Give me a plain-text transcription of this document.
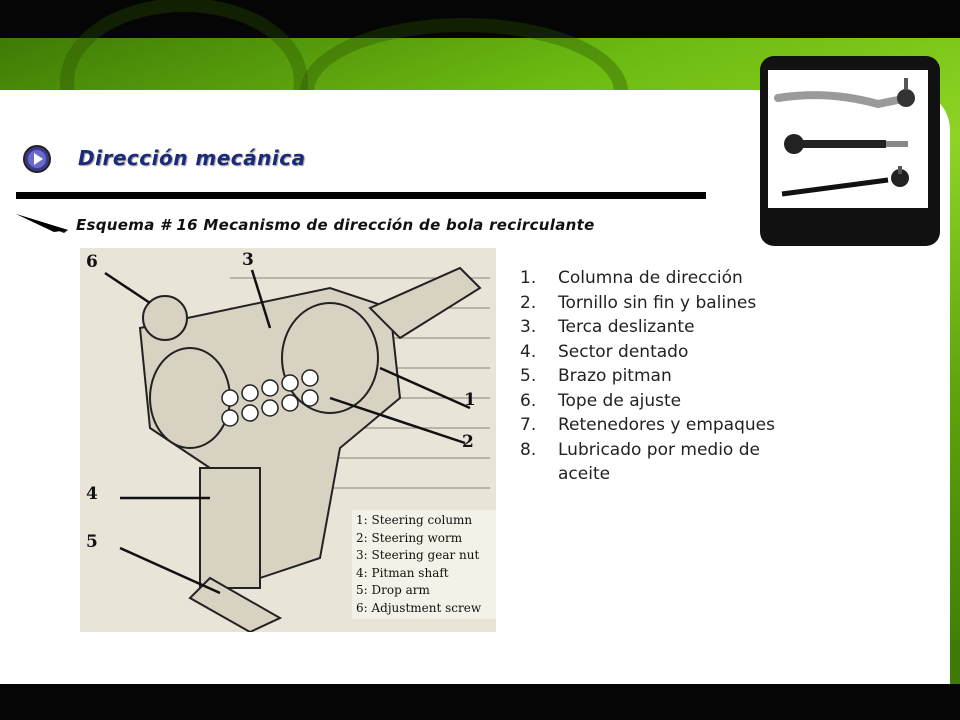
Dirección mecánica
Esquema # 16 Mecanismo de dirección de bola recirculante
6	3
1
2
4
5
1: Steering column
2: Steering worm
3: Steering gear nut
4: Pitman shaft
5: Drop arm
6: Adjustment screw
1.	Columna de dirección
2.	Tornillo sin fin y balines
3.	Terca deslizante
4.	Sector dentado
5.	Brazo pitman
6.	Tope de ajuste
7.	Retenedores y empaques
8.	Lubricado por medio de
aceite
